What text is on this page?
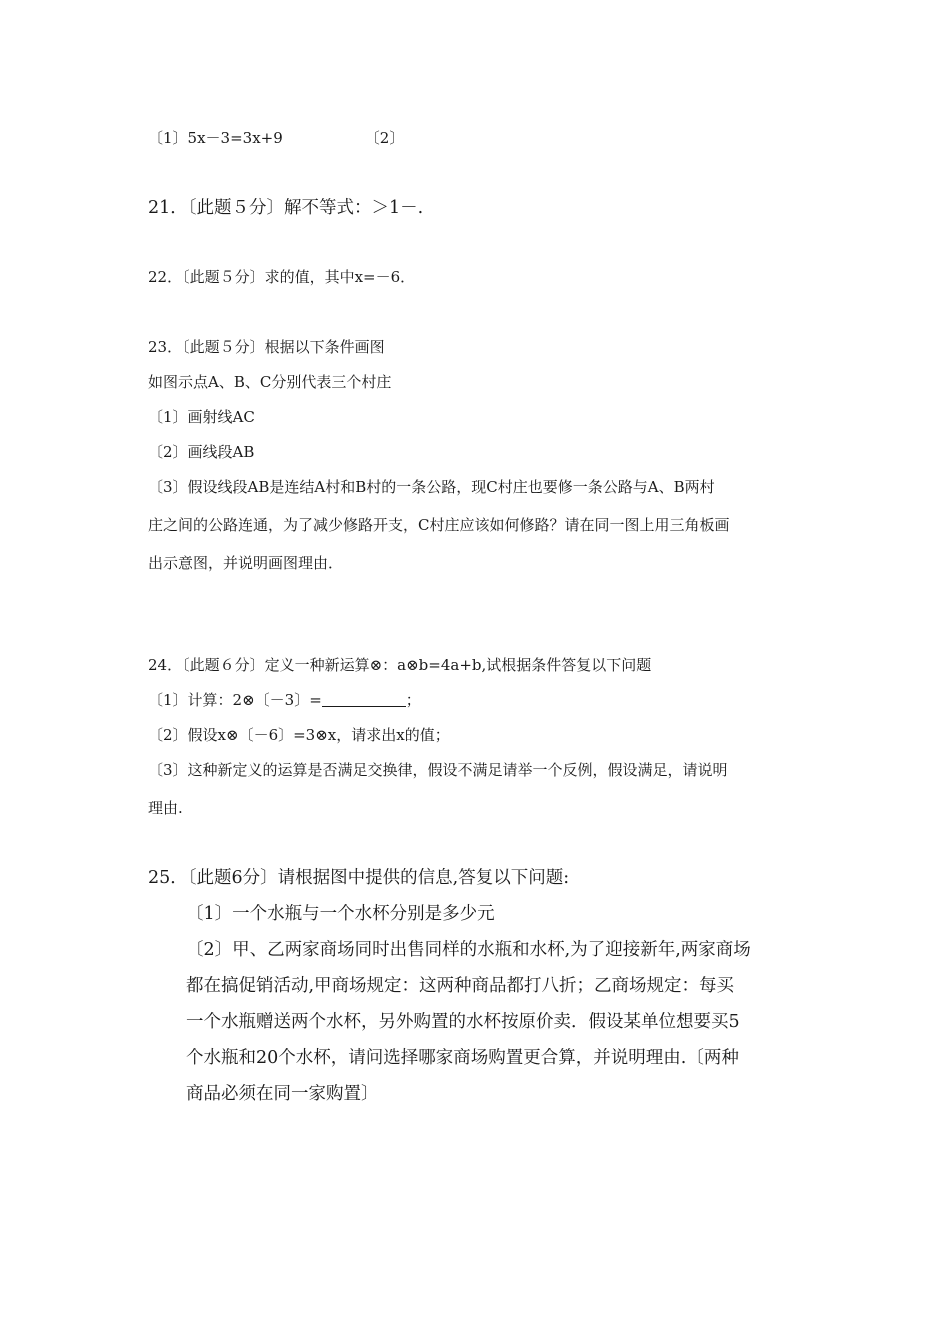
〔1〕5x－3=3x+9	〔2〕
21．〔此题５分〕解不等式：＞1－.
22．〔此题５分〕求的值，其中x=－6．
23．〔此题５分〕根据以下条件画图
如图示点A、B、C分别代表三个村庄
〔1〕画射线AC
〔2〕画线段AB
〔3〕假设线段AB是连结A村和B村的一条公路，现C村庄也要修一条公路与A、B两村
庄之间的公路连通，为了减少修路开支，C村庄应该如何修路？请在同一图上用三角板画
出示意图，并说明画图理由．
24．〔此题６分〕定义一种新运算⊗：a⊗b=4a+b,试根据条件答复以下问题
〔1〕计算：2⊗〔－3〕=	；
〔2〕假设x⊗〔－6〕=3⊗x，请求出x的值；
〔3〕这种新定义的运算是否满足交换律，假设不满足请举一个反例，假设满足，请说明
理由.
25．〔此题6分〕请根据图中提供的信息,答复以下问题:
〔1〕一个水瓶与一个水杯分别是多少元
〔2〕甲、乙两家商场同时出售同样的水瓶和水杯,为了迎接新年,两家商场
都在搞促销活动,甲商场规定：这两种商品都打八折；乙商场规定：每买
一个水瓶赠送两个水杯，另外购置的水杯按原价卖．假设某单位想要买5
个水瓶和20个水杯，请问选择哪家商场购置更合算，并说明理由.〔两种
商品必须在同一家购置〕
